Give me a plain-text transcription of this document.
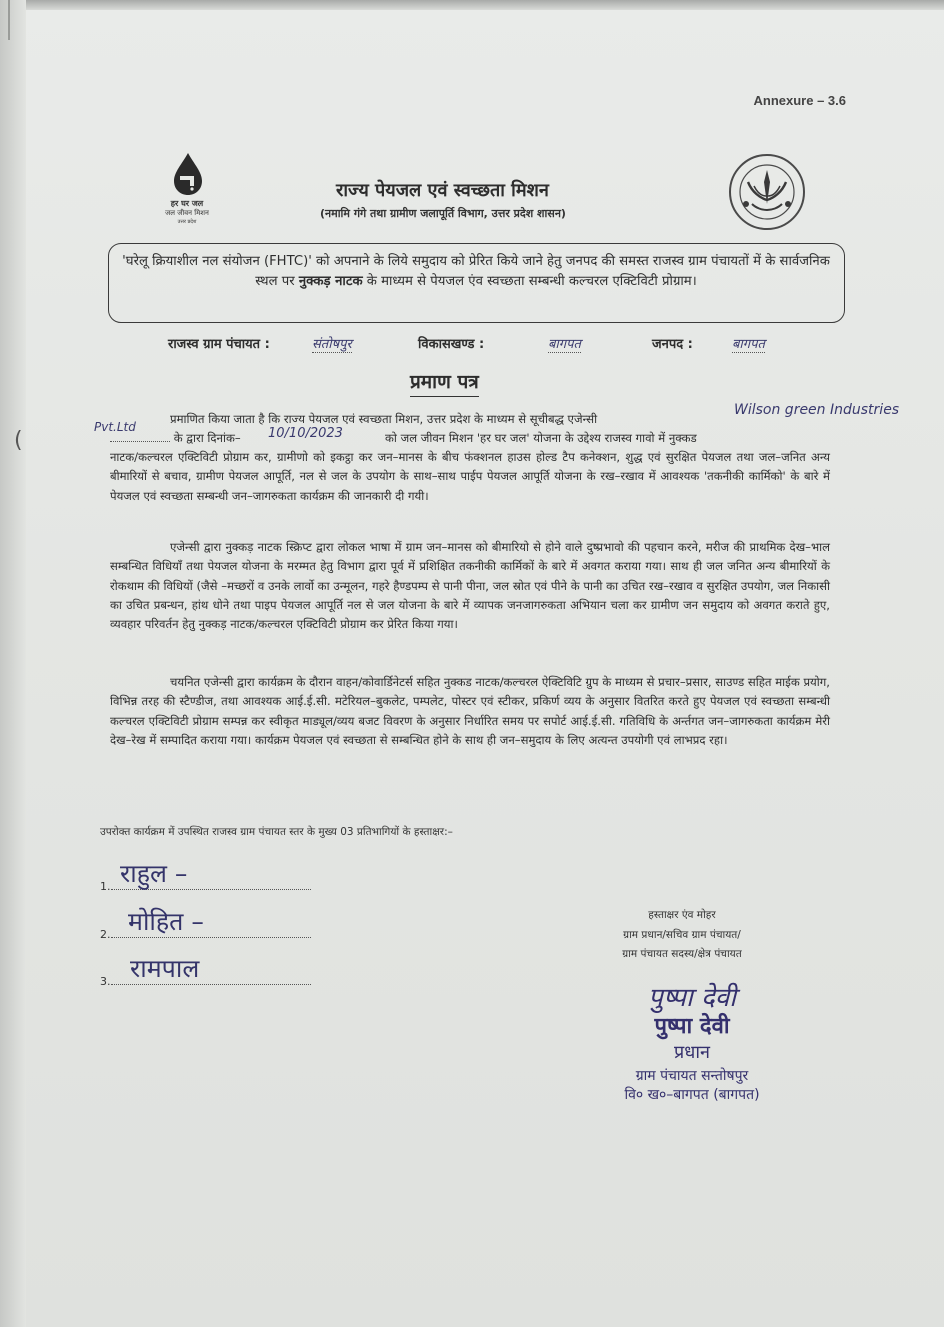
Annexure – 3.6
हर घर जल
जल जीवन मिशन
उत्तर प्रदेश
राज्य पेयजल एवं स्वच्छता मिशन
(नमामि गंगे तथा ग्रामीण जलापूर्ति विभाग, उत्तर प्रदेश शासन)

'घरेलू क्रियाशील नल संयोजन (FHTC)' को अपनाने के लिये समुदाय को प्रेरित किये जाने हेतु जनपद की समस्त राजस्व ग्राम पंचायतों में के सार्वजनिक स्थल पर नुक्कड़ नाटक के माध्यम से पेयजल एंव स्वच्छता सम्बन्धी कल्चरल एक्टिविटी प्रोग्राम।

राजस्व ग्राम पंचायत :	संतोषपुर	विकासखण्ड :	बागपत	जनपद :	बागपत
प्रमाण पत्र
(
Pvt.Ltd
Wilson green Industries
प्रमाणित किया जाता है कि राज्य पेयजल एवं स्वच्छता मिशन, उत्तर प्रदेश के माध्यम से सूचीबद्ध एजेन्सी
के द्वारा दिनांक–	10/10/2023	को जल जीवन मिशन 'हर घर जल' योजना के उद्देश्य राजस्व गावो में नुक्कड
नाटक/कल्चरल एक्टिविटी प्रोग्राम कर, ग्रामीणो को इकट्ठा कर जन–मानस के बीच फंक्शनल हाउस होल्ड टैप कनेक्शन, शुद्ध एवं सुरक्षित पेयजल तथा जल–जनित अन्य बीमारियों से बचाव, ग्रामीण पेयजल आपूर्ति, नल से जल के उपयोग के साथ–साथ पाईप पेयजल आपूर्ति योजना के रख–रखाव में आवश्यक 'तकनीकी कार्मिको' के बारे में पेयजल एवं स्वच्छता सम्बन्धी जन–जागरुकता कार्यक्रम की जानकारी दी गयी।
एजेन्सी द्वारा नुक्कड़ नाटक स्क्रिप्ट द्वारा लोकल भाषा में ग्राम जन–मानस को बीमारियो से होने वाले दुष्प्रभावो की पहचान करने, मरीज की प्राथमिक देख–भाल सम्बन्धित विधियाँ तथा पेयजल योजना के मरम्मत हेतु विभाग द्वारा पूर्व में प्रशिक्षित तकनीकी कार्मिकों के बारे में अवगत कराया गया। साथ ही जल जनित अन्य बीमारियों के रोकथाम की विधियों (जैसे –मच्छरों व उनके लार्वो का उन्मूलन, गहरे हैण्डपम्प से पानी पीना, जल स्रोत एवं पीने के पानी का उचित रख–रखाव व सुरक्षित उपयोग, जल निकासी का उचित प्रबन्धन, हांथ धोने तथा पाइप पेयजल आपूर्ति नल से जल योजना के बारे में व्यापक जनजागरुकता अभियान चला कर ग्रामीण जन समुदाय को अवगत कराते हुए, व्यवहार परिवर्तन हेतु नुक्कड़ नाटक/कल्चरल एक्टिविटी प्रोग्राम कर प्रेरित किया गया।
चयनित एजेन्सी द्वारा कार्यक्रम के दौरान वाहन/कोवार्डिनेटर्स सहित नुक्कड नाटक/कल्चरल ऐक्टिविटि ग्रुप के माध्यम से प्रचार–प्रसार, साउण्ड सहित माईक प्रयोग, विभिन्न तरह की स्टैण्डीज, तथा आवश्यक आई.ई.सी. मटेरियल–बुकलेट, पम्पलेट, पोस्टर एवं स्टीकर, प्रकिर्ण व्यय के अनुसार वितरित करते हुए पेयजल एवं स्वच्छता सम्बन्धी कल्चरल एक्टिविटी प्रोग्राम सम्पन्न कर स्वीकृत माड्यूल/व्यय बजट विवरण के अनुसार निर्धारित समय पर सपोर्ट आई.ई.सी. गतिविधि के अर्न्तगत जन–जागरुकता कार्यक्रम मेरी देख–रेख में सम्पादित कराया गया। कार्यक्रम पेयजल एवं स्वच्छता से सम्बन्धित होने के साथ ही जन–समुदाय के लिए अत्यन्त उपयोगी एवं लाभप्रद रहा।
उपरोक्त कार्यक्रम में उपस्थित राजस्व ग्राम पंचायत स्तर के मुख्य 03 प्रतिभागियों के हस्ताक्षर:–
1. राहुल –
2. मोहित –
3. रामपाल
हस्ताक्षर एंव मोहर
ग्राम प्रधान/सचिव ग्राम पंचायत/
ग्राम पंचायत सदस्य/क्षेत्र पंचायत
पुष्पा देवी
पुष्पा देवी
प्रधान
ग्राम पंचायत सन्तोषपुर
वि० ख०–बागपत (बागपत)
